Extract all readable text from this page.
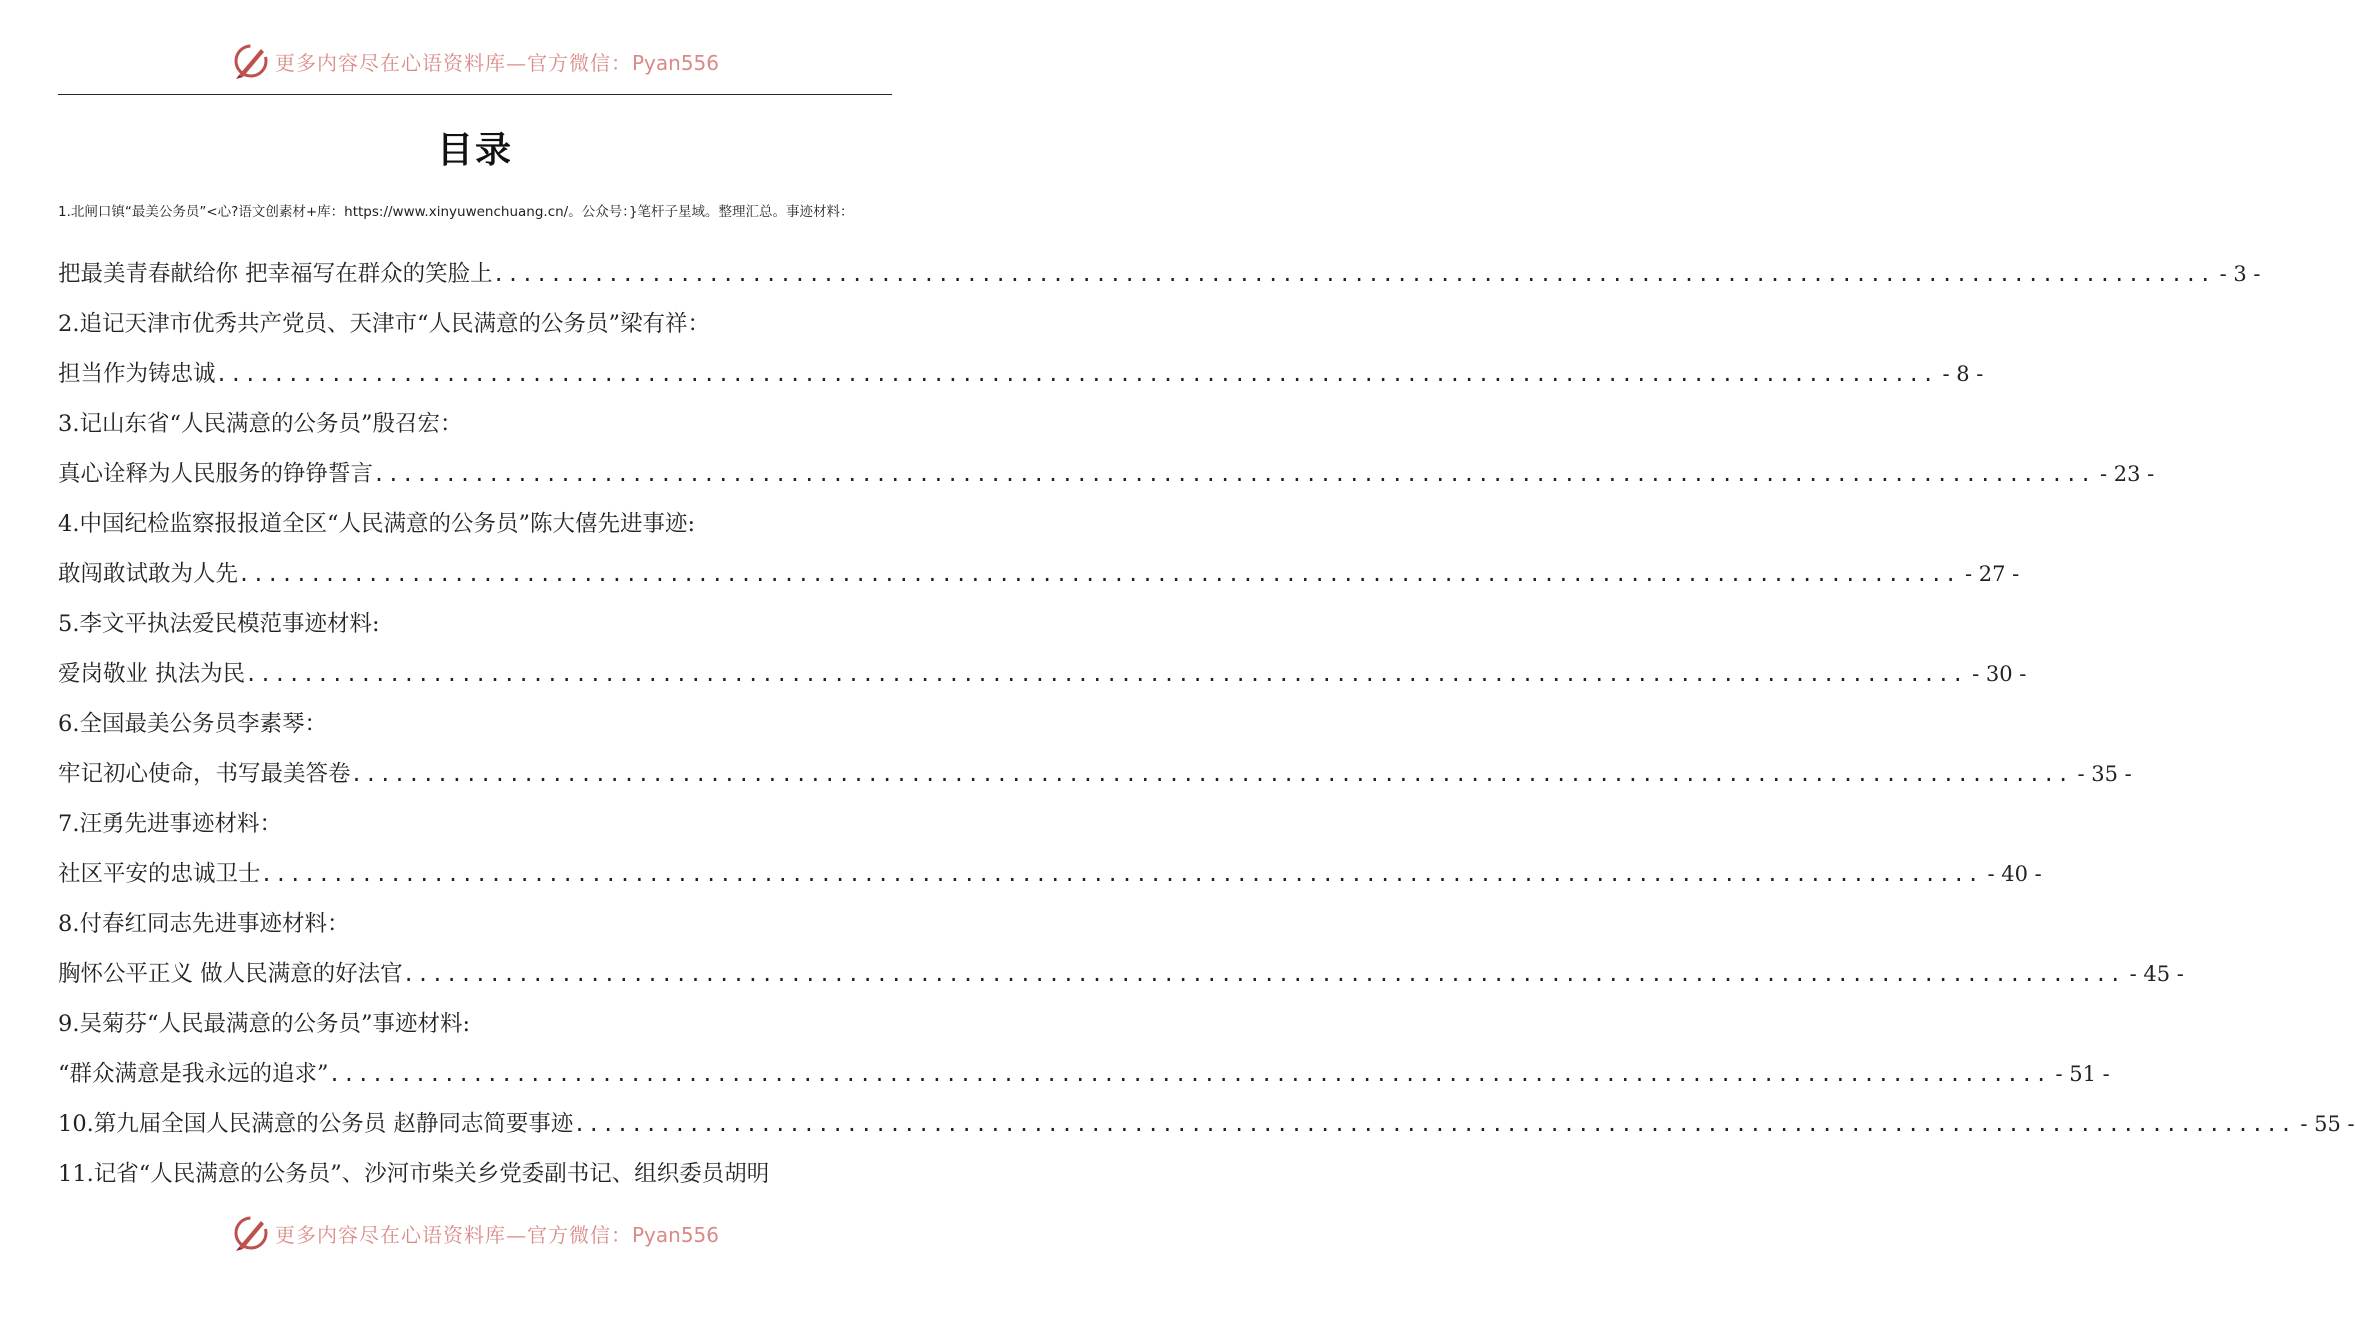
更多内容尽在心语资料库—官方微信：Pyan556
目录
1.北闸口镇“最美公务员”<心?语文创素材+库：https://www.xinyuwenchuang.cn/。公众号：}笔杆子星域。整理汇总。事迹材料：
把最美青春献给你 把幸福写在群众的笑脸上 ........................................................................................................................ - 3 -
2.追记天津市优秀共产党员、天津市“人民满意的公务员”梁有祥：
担当作为铸忠诚 ........................................................................................................................ - 8 -
3.记山东省“人民满意的公务员”殷召宏：
真心诠释为人民服务的铮铮誓言 ........................................................................................................................ - 23 -
4.中国纪检监察报报道全区“人民满意的公务员”陈大僖先进事迹:
敢闯敢试敢为人先 ........................................................................................................................ - 27 -
5.李文平执法爱民模范事迹材料:
爱岗敬业 执法为民 ........................................................................................................................ - 30 -
6.全国最美公务员李素琴：
牢记初心使命，书写最美答卷 ........................................................................................................................ - 35 -
7.汪勇先进事迹材料：
社区平安的忠诚卫士 ........................................................................................................................ - 40 -
8.付春红同志先进事迹材料：
胸怀公平正义 做人民满意的好法官 ........................................................................................................................ - 45 -
9.吴菊芬“人民最满意的公务员”事迹材料:
“群众满意是我永远的追求” ........................................................................................................................ - 51 -
10.第九届全国人民满意的公务员 赵静同志简要事迹 ........................................................................................................................ - 55 -
11.记省“人民满意的公务员”、沙河市柴关乡党委副书记、组织委员胡明
更多内容尽在心语资料库—官方微信：Pyan556
